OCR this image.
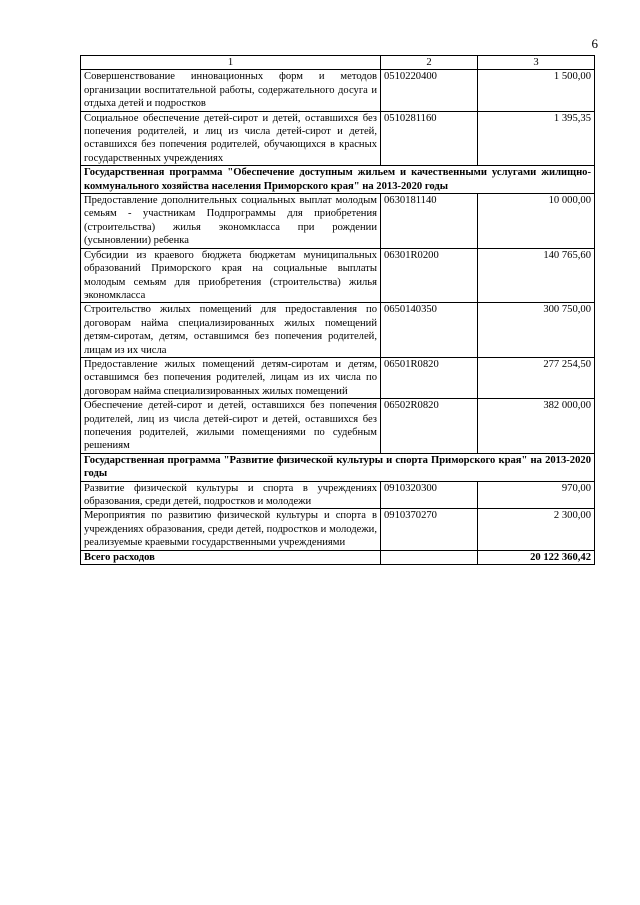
6
1	2	3
Совершенствование инновационных форм и методов организации воспитательной работы, содержательного досуга и отдыха детей и подростков	0510220400	1 500,00
Социальное обеспечение детей-сирот и детей, оставшихся без попечения родителей, и лиц из числа детей-сирот и детей, оставшихся без попечения родителей, обучающихся в красных государственных учреждениях	0510281160	1 395,35
Государственная программа "Обеспечение доступным жильем и качественными услугами жилищно-коммунального хозяйства населения Приморского края" на 2013-2020 годы		
Предоставление дополнительных социальных выплат молодым семьям - участникам Подпрограммы для приобретения (строительства) жилья экономкласса при рождении (усыновлении) ребенка	0630181140	10 000,00
Субсидии из краевого бюджета бюджетам муниципальных образований Приморского края на социальные выплаты молодым семьям для приобретения (строительства) жилья экономкласса	06301R0200	140 765,60
Строительство жилых помещений для предоставления по договорам найма специализированных жилых помещений детям-сиротам, детям, оставшимся без попечения родителей, лицам из их числа	0650140350	300 750,00
Предоставление жилых помещений детям-сиротам и детям, оставшимся без попечения родителей, лицам из их числа по договорам найма специализированных жилых помещений	06501R0820	277 254,50
Обеспечение детей-сирот и детей, оставшихся без попечения родителей, лиц из числа детей-сирот и детей, оставшихся без попечения родителей, жилыми помещениями по судебным решениям	06502R0820	382 000,00
Государственная программа "Развитие физической культуры и спорта Приморского края" на 2013-2020 годы		
Развитие физической культуры и спорта в учреждениях образования, среди детей, подростков и молодежи	0910320300	970,00
Мероприятия по развитию физической культуры и спорта в учреждениях образования, среди детей, подростков и молодежи, реализуемые краевыми государственными учреждениями	0910370270	2 300,00
Всего расходов		20 122 360,42
